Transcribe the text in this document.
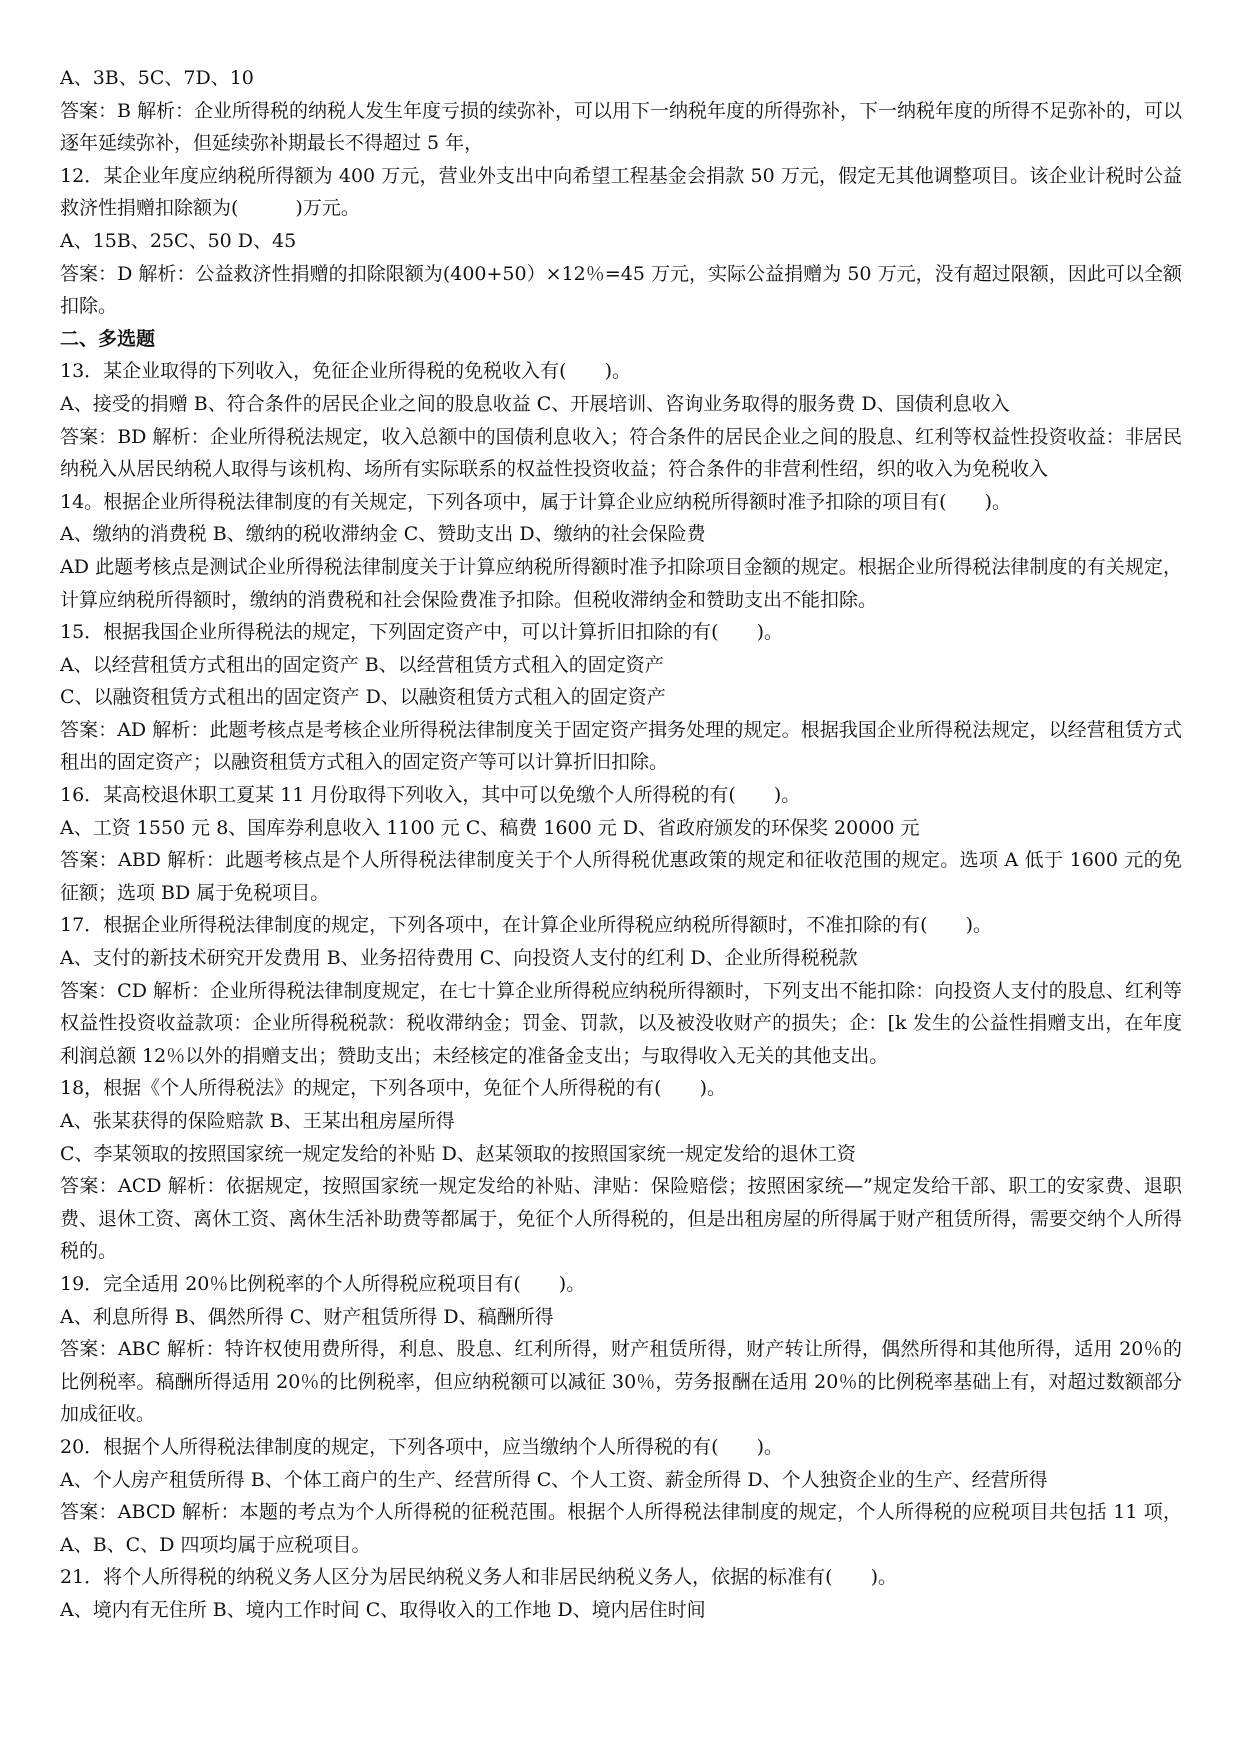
A、3B、5C、7D、10
答案：B 解析：企业所得税的纳税人发生年度亏损的续弥补，可以用下一纳税年度的所得弥补，下一纳税年度的所得不足弥补的，可以逐年延续弥补，但延续弥补期最长不得超过 5 年，
12．某企业年度应纳税所得额为 400 万元，营业外支出中向希望工程基金会捐款 50 万元，假定无其他调整项目。该企业计税时公益救济性捐赠扣除额为(　　　)万元。
A、15B、25C、50 D、45
答案：D 解析：公益救济性捐赠的扣除限额为(400+50）×12％=45 万元，实际公益捐赠为 50 万元，没有超过限额，因此可以全额扣除。
二、多选题
13．某企业取得的下列收入，免征企业所得税的免税收入有(　　)。
A、接受的捐赠 B、符合条件的居民企业之间的股息收益 C、开展培训、咨询业务取得的服务费 D、国债利息收入
答案：BD 解析：企业所得税法规定，收入总额中的国债利息收入；符合条件的居民企业之间的股息、红利等权益性投资收益：非居民纳税入从居民纳税人取得与该机构、场所有实际联系的权益性投资收益；符合条件的非营利性绍，织的收入为免税收入
14。根据企业所得税法律制度的有关规定，下列各项中，属于计算企业应纳税所得额时准予扣除的项目有(　　)。
A、缴纳的消费税 B、缴纳的税收滞纳金 C、赞助支出 D、缴纳的社会保险费
AD 此题考核点是测试企业所得税法律制度关于计算应纳税所得额时准予扣除项目金额的规定。根据企业所得税法律制度的有关规定，计算应纳税所得额时，缴纳的消费税和社会保险费准予扣除。但税收滞纳金和赞助支出不能扣除。
15．根据我国企业所得税法的规定，下列固定资产中，可以计算折旧扣除的有(　　)。
A、以经营租赁方式租出的固定资产 B、以经营租赁方式租入的固定资产
C、以融资租赁方式租出的固定资产 D、以融资租赁方式租入的固定资产
答案：AD 解析：此题考核点是考核企业所得税法律制度关于固定资产揖务处理的规定。根据我国企业所得税法规定，以经营租赁方式租出的固定资产；以融资租赁方式租入的固定资产等可以计算折旧扣除。
16．某高校退休职工夏某 11 月份取得下列收入，其中可以免缴个人所得税的有(　　)。
A、工资 1550 元 8、国库券利息收入 1100 元 C、稿费 1600 元 D、省政府颁发的环保奖 20000 元
答案：ABD 解析：此题考核点是个人所得税法律制度关于个人所得税优惠政策的规定和征收范围的规定。选项 A 低于 1600 元的免征额；选项 BD 属于免税项目。
17．根据企业所得税法律制度的规定，下列各项中，在计算企业所得税应纳税所得额时，不准扣除的有(　　)。
A、支付的新技术研究开发费用 B、业务招待费用 C、向投资人支付的红利 D、企业所得税税款
答案：CD 解析：企业所得税法律制度规定，在七十算企业所得税应纳税所得额时，下列支出不能扣除：向投资人支付的股息、红利等权益性投资收益款项：企业所得税税款：税收滞纳金；罚金、罚款，以及被没收财产的损失；企：[k 发生的公益性捐赠支出，在年度利润总额 12％以外的捐赠支出；赞助支出；未经核定的准备金支出；与取得收入无关的其他支出。
18，根据《个人所得税法》的规定，下列各项中，免征个人所得税的有(　　)。
A、张某获得的保险赔款 B、王某出租房屋所得
C、李某领取的按照国家统一规定发给的补贴 D、赵某领取的按照国家统一规定发给的退休工资
答案：ACD 解析：依据规定，按照国家统一规定发给的补贴、津贴：保险赔偿；按照困家统—”规定发给干部、职工的安家费、退职费、退休工资、离休工资、离休生活补助费等都属于，免征个人所得税的，但是出租房屋的所得属于财产租赁所得，需要交纳个人所得税的。
19．完全适用 20％比例税率的个人所得税应税项目有(　　)。
A、利息所得 B、偶然所得 C、财产租赁所得 D、稿酬所得
答案：ABC 解析：特许权使用费所得，利息、股息、红利所得，财产租赁所得，财产转让所得，偶然所得和其他所得，适用 20％的比例税率。稿酬所得适用 20％的比例税率，但应纳税额可以减征 30％，劳务报酬在适用 20％的比例税率基础上有，对超过数额部分加成征收。
20．根据个人所得税法律制度的规定，下列各项中，应当缴纳个人所得税的有(　　)。
A、个人房产租赁所得 B、个体工商户的生产、经营所得 C、个人工资、薪金所得 D、个人独资企业的生产、经营所得
答案：ABCD 解析：本题的考点为个人所得税的征税范围。根据个人所得税法律制度的规定，个人所得税的应税项目共包括 11 项，A、B、C、D 四项均属于应税项目。
21．将个人所得税的纳税义务人区分为居民纳税义务人和非居民纳税义务人，依据的标准有(　　)。
A、境内有无住所 B、境内工作时间 C、取得收入的工作地 D、境内居住时间
